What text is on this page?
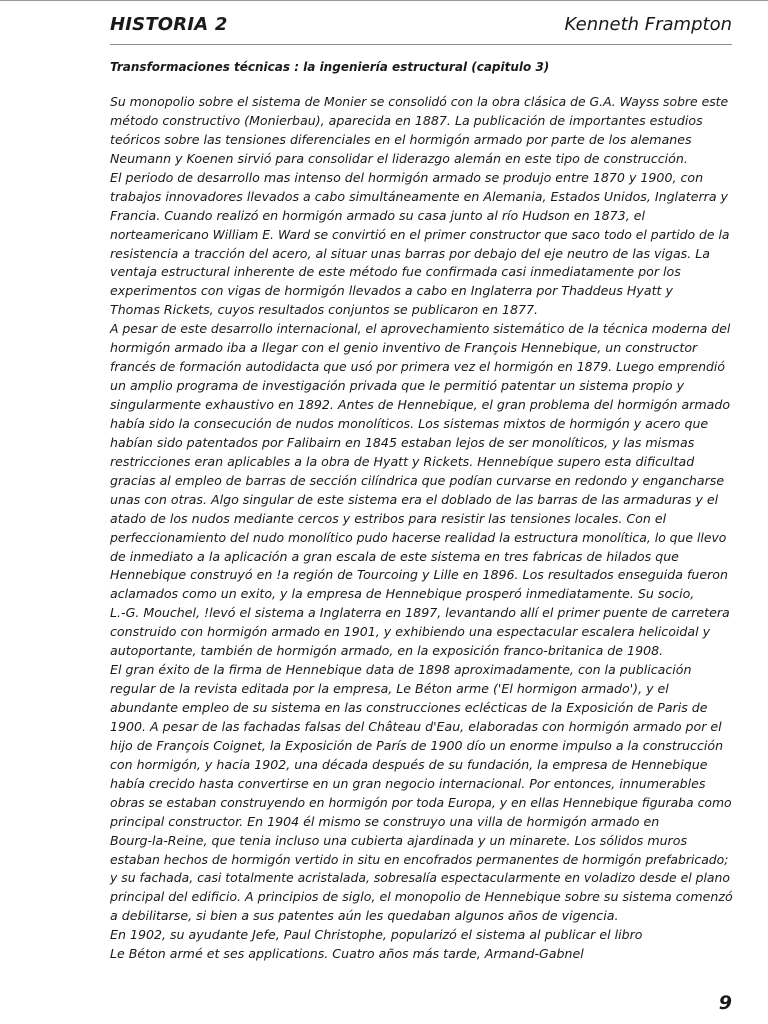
HISTORIA 2	Kenneth Frampton
Transformaciones técnicas : la ingeniería estructural (capitulo 3)
Su monopolio sobre el sistema de Monier se consolidó con la obra clásica de G.A. Wayss sobre este
método constructivo (Monierbau), aparecida en 1887. La publicación de importantes estudios
teóricos sobre las tensiones diferenciales en el hormigón armado por parte de los alemanes
Neumann y Koenen sirvió para consolidar el liderazgo alemán en este tipo de construcción.
El periodo de desarrollo mas intenso del hormigón armado se produjo entre 1870 y 1900, con
trabajos innovadores llevados a cabo simultáneamente en Alemania, Estados Unidos, Inglaterra y
Francia. Cuando realizó en hormigón armado su casa junto al río Hudson en 1873, el
norteamericano William E. Ward se convirtió en el primer constructor que saco todo el partido de la
resistencia a tracción del acero, al situar unas barras por debajo del eje neutro de las vigas. La
ventaja estructural inherente de este método fue confirmada casi inmediatamente por los
experimentos con vigas de hormigón llevados a cabo en Inglaterra por Thaddeus Hyatt y
Thomas Rickets, cuyos resultados conjuntos se publicaron en 1877.
A pesar de este desarrollo internacional, el aprovechamiento sistemático de la técnica moderna del
hormigón armado iba a llegar con el genio inventivo de François Hennebique, un constructor
francés de formación autodidacta que usó por primera vez el hormigón en 1879. Luego emprendió
un amplio programa de investigación privada que le permitió patentar un sistema propio y
singularmente exhaustivo en 1892. Antes de Hennebique, el gran problema del hormigón armado
había sido la consecución de nudos monolíticos. Los sistemas mixtos de hormigón y acero que
habían sido patentados por Falibairn en 1845 estaban lejos de ser monolíticos, y las mismas
restricciones eran aplicables a la obra de Hyatt y Rickets. Hennebíque supero esta dificultad
gracias al empleo de barras de sección cilíndrica que podían curvarse en redondo y engancharse
unas con otras. Algo singular de este sistema era el doblado de las barras de las armaduras y el
atado de los nudos mediante cercos y estribos para resistir las tensiones locales. Con el
perfeccionamiento del nudo monolítico pudo hacerse realidad la estructura monolítica, lo que llevo
de inmediato a la aplicación a gran escala de este sistema en tres fabricas de hilados que
Hennebique construyó en !a región de Tourcoing y Lille en 1896. Los resultados enseguida fueron
aclamados como un exito, y la empresa de Hennebique prosperó inmediatamente. Su socio,
L.-G. Mouchel, !levó el sistema a Inglaterra en 1897, levantando allí el primer puente de carretera
construido con hormigón armado en 1901, y exhibiendo una espectacular escalera helicoidal y
autoportante, también de hormigón armado, en la exposición franco-britanica de 1908.
El gran éxito de la firma de Hennebique data de 1898 aproximadamente, con la publicación
regular de la revista editada por la empresa, Le Béton arme ('El hormigon armado'), y el
abundante empleo de su sistema en las construcciones eclécticas de la Exposición de Paris de
1900. A pesar de las fachadas falsas del Château d'Eau, elaboradas con hormigón armado por el
hijo de François Coignet, la Exposición de París de 1900 dío un enorme impulso a la construcción
con hormigón, y hacia 1902, una década después de su fundación, la empresa de Hennebique
había crecido hasta convertirse en un gran negocio internacional. Por entonces, innumerables
obras se estaban construyendo en hormigón por toda Europa, y en ellas Hennebique figuraba como
principal constructor. En 1904 él mismo se construyo una villa de hormigón armado en
Bourg-la-Reine, que tenia incluso una cubierta ajardinada y un minarete. Los sólidos muros
estaban hechos de hormigón vertido in situ en encofrados permanentes de hormigón prefabricado;
y su fachada, casi totalmente acristalada, sobresalía espectacularmente en voladizo desde el plano
principal del edificio. A principios de siglo, el monopolio de Hennebique sobre su sistema comenzó
a debilitarse, si bien a sus patentes aún les quedaban algunos años de vigencia.
En 1902, su ayudante Jefe, Paul Christophe, popularizó el sistema al publicar el libro
Le Béton armé et ses applications. Cuatro años más tarde, Armand-Gabnel
9
